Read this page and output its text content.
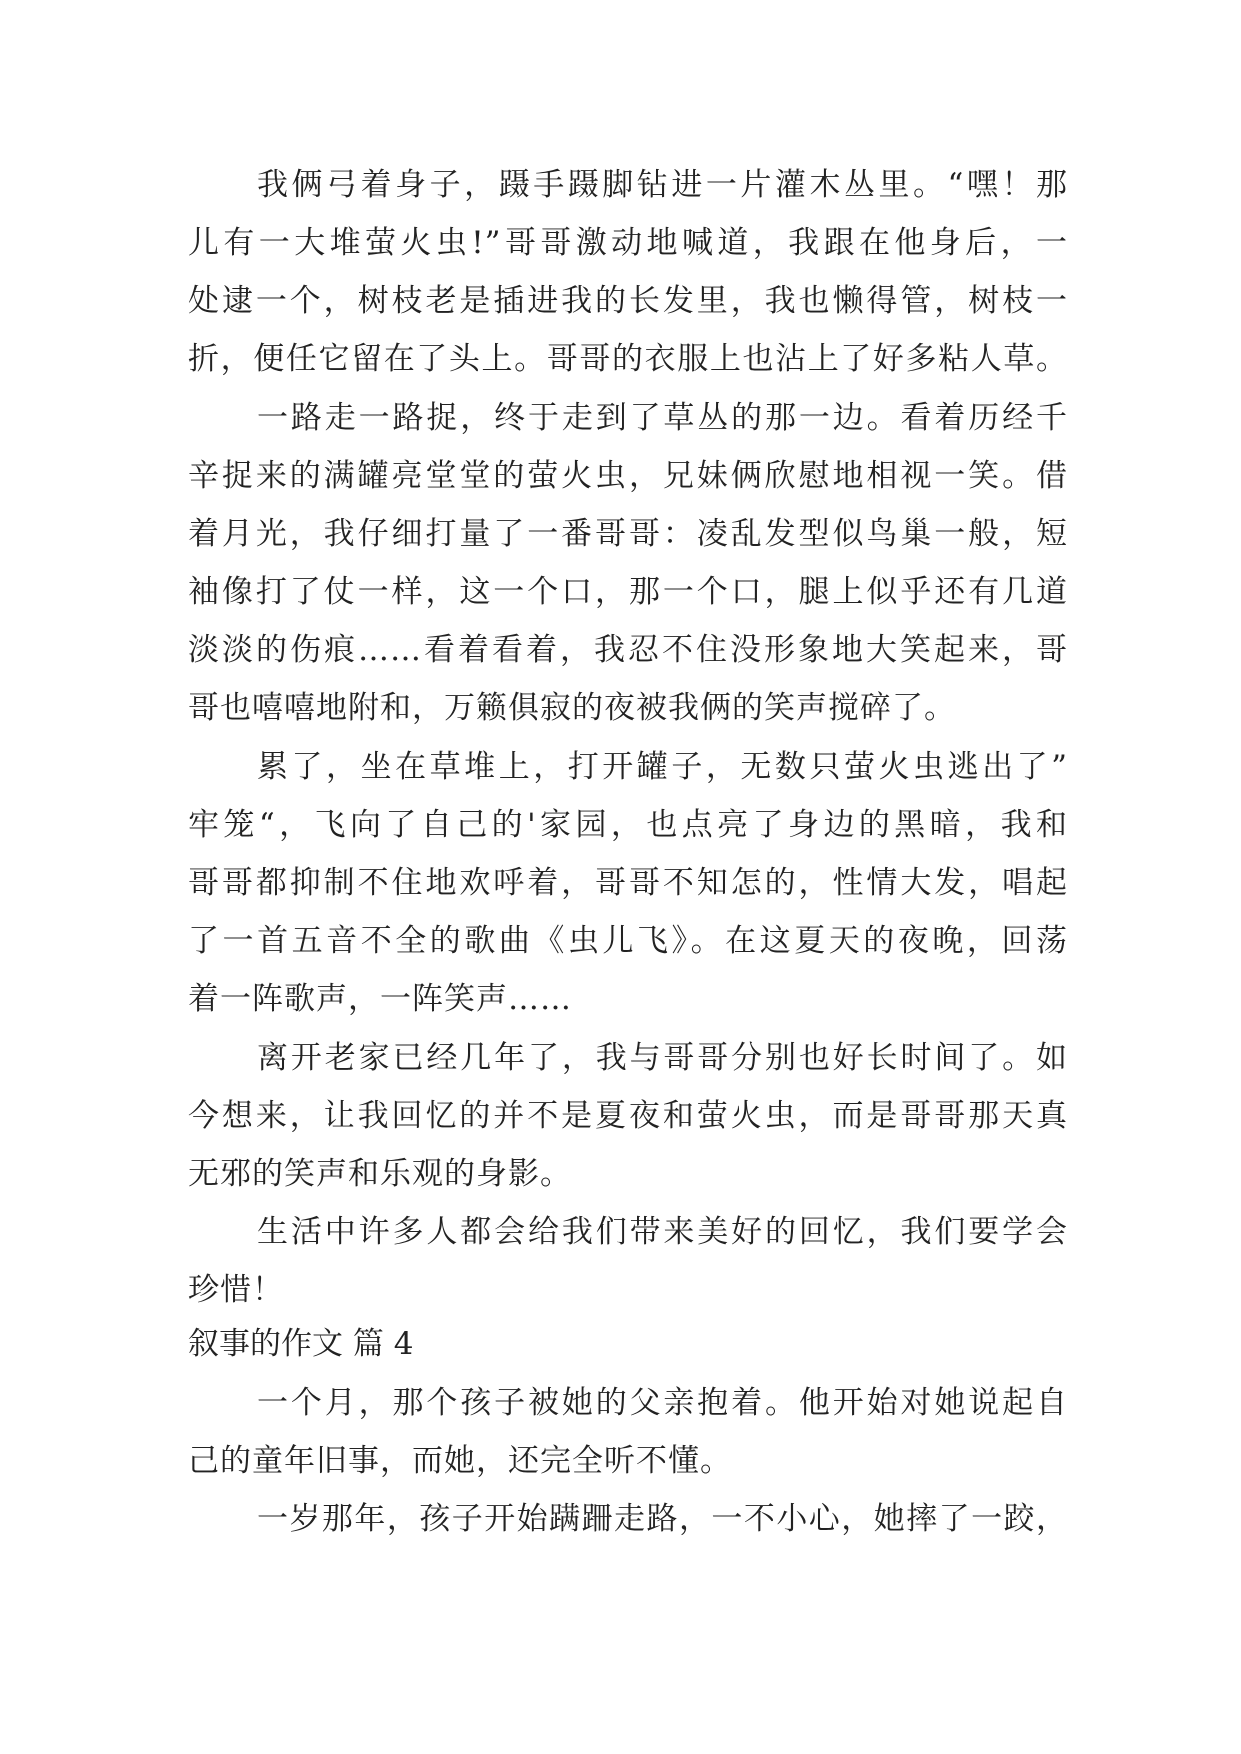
我俩弓着身子，蹑手蹑脚钻进一片灌木丛里。“嘿！那
儿有一大堆萤火虫!”哥哥激动地喊道，我跟在他身后，一
处逮一个，树枝老是插进我的长发里，我也懒得管，树枝一
折，便任它留在了头上。哥哥的衣服上也沾上了好多粘人草。
一路走一路捉，终于走到了草丛的那一边。看着历经千
辛捉来的满罐亮堂堂的萤火虫，兄妹俩欣慰地相视一笑。借
着月光，我仔细打量了一番哥哥：凌乱发型似鸟巢一般，短
袖像打了仗一样，这一个口，那一个口，腿上似乎还有几道
淡淡的伤痕……看着看着，我忍不住没形象地大笑起来，哥
哥也嘻嘻地附和，万籁俱寂的夜被我俩的笑声搅碎了。
累了，坐在草堆上，打开罐子，无数只萤火虫逃出了”
牢笼“，飞向了自己的'家园，也点亮了身边的黑暗，我和
哥哥都抑制不住地欢呼着，哥哥不知怎的，性情大发，唱起
了一首五音不全的歌曲《虫儿飞》。在这夏天的夜晚，回荡
着一阵歌声，一阵笑声……
离开老家已经几年了，我与哥哥分别也好长时间了。如
今想来，让我回忆的并不是夏夜和萤火虫，而是哥哥那天真
无邪的笑声和乐观的身影。
生活中许多人都会给我们带来美好的回忆，我们要学会
珍惜！
叙事的作文 篇 4
一个月，那个孩子被她的父亲抱着。他开始对她说起自
己的童年旧事，而她，还完全听不懂。
一岁那年，孩子开始蹒跚走路，一不小心，她摔了一跤，
